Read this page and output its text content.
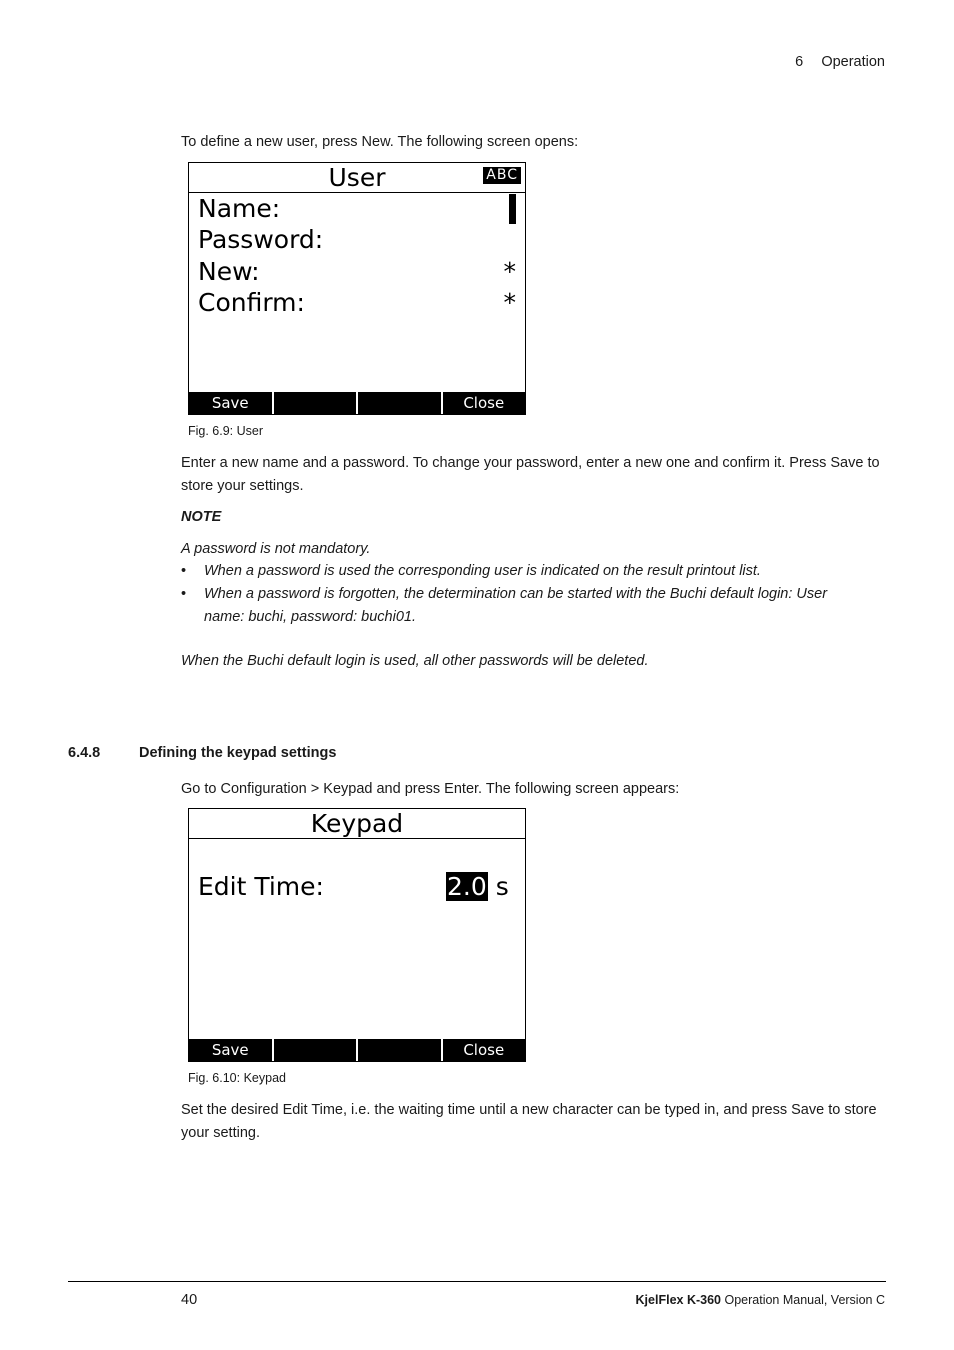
6 Operation
To define a new user, press New. The following screen opens:
User	ABC
Name:
Password:
New:	*
Confirm:	*
Save	Close
Fig. 6.9: User
Enter a new name and a password. To change your password, enter a new one and confirm it. Press Save to store your settings.
NOTE
A password is not mandatory.
• When a password is used the corresponding user is indicated on the result printout list.
• When a password is forgotten, the determination can be started with the Buchi default login: User name: buchi, password: buchi01.
When the Buchi default login is used, all other passwords will be deleted.
6.4.8	Defining the keypad settings
Go to Configuration > Keypad and press Enter. The following screen appears:
Keypad
Edit Time:	2.0 s
Save	Close
Fig. 6.10: Keypad
Set the desired Edit Time, i.e. the waiting time until a new character can be typed in, and press Save to store your setting.
40	KjelFlex K-360 Operation Manual, Version C
